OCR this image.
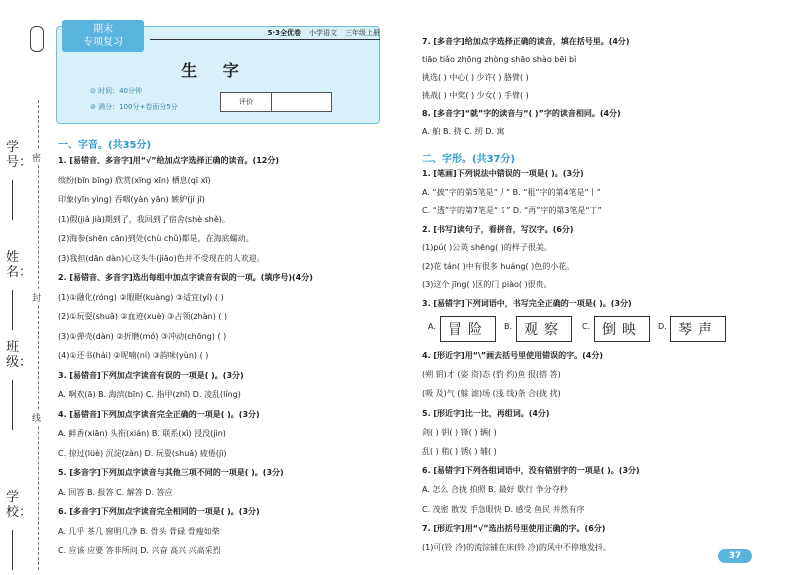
密
封
线
学号：
姓名：
班级：
学校：
期末
专项复习
5·3全优卷 小学语文 三年级上册
生 字
⊙ 时间：40分钟
⊘ 满分：100分+卷面分5分
评价
一、字音。(共35分)
1. [易错音、多音字]用“√”给加点字选择正确的读音。(12分)
缤纷(bīn bīng) 欣赏(xīng xīn) 栖息(qī xī)
印象(yīn yìng) 吞咽(yàn yān) 嫉妒(jí jǐ)
(1)假(jiǎ jià)期到了，我回到了宿舍(shè shě)。
(2)海参(shēn cān)到处(chù chǔ)都是，在海底蠕动。
(3)我担(dān dàn)心这头牛(jiāo)色并不受现在的人欢迎。
2. [易错音、多音字]选出每组中加点字读音有误的一项。(填序号)(4分)
(1)①融化(róng) ②眼眶(kuàng) ③适宜(yí) ( )
(2)①玩耍(shuǎ) ②血迹(xuè) ③占领(zhàn) ( )
(3)①弹壳(dàn) ②折磨(mó) ③冲动(chōng) ( )
(4)①还书(hái) ②呢喃(ní) ③韵味(yùn) ( )
3. [易错音]下列加点字读音有误的一项是( )。(3分)
A. 啊欢(ā) B. 海滨(bīn) C. 指甲(zhī) D. 凌乱(líng)
4. [易错音]下列加点字读音完全正确的一项是( )。(3分)
A. 鲜香(xiān) 头衔(xián) B. 联系(xì) 浸没(jìn)
C. 掠过(lüè) 沉淀(zàn) D. 玩耍(shuǎ) 疲倦(jì)
5. [多音字]下列加点字读音与其他三项不同的一项是( )。(3分)
A. 回答 B. 报答 C. 解答 D. 答应
6. [多音字]下列加点字读音完全相同的一项是( )。(3分)
A. 几乎 茶几 窗明几净 B. 骨头 骨碌 骨瘦如柴
C. 应该 应要 答非所问 D. 兴奋 高兴 兴高采烈
7. [多音字]给加点字选择正确的读音，填在括号里。(4分)
tiāo tiǎo zhōng zhòng shāo shào bēi bì
挑选( ) 中心( ) 少许( ) 胳臂( )
挑战( ) 中奖( ) 少女( ) 手臂( )
8. [多音字]“就”字的读音与“( )”字的读音相同。(4分)
A. 舶 B. 挠 C. 纫 D. 寓
二、字形。(共37分)
1. [笔画]下列说法中错误的一项是( )。(3分)
A. “披”字的第5笔是“丿” B. “租”字的第4笔是“丨”
C. “透”字的第7笔是“㇌” D. “再”字的第3笔是“丁”
2. [书写]读句子，看拼音，写汉字。(6分)
(1)pú( )公英 shēng( )的样子很美。
(2)花 tán( )中有很多 huáng( )色的小花。
(3)这个 jīng( )区的门 piào( )很贵。
3. [易错字]下列词语中，书写完全正确的一项是( )。(3分)
A. 冒险	B. 观察	C. 倒映	D. 琴声
4. [形近字]用“\”画去括号里使用错误的字。(4分)
(朔 钥)才 (姿 资)态 (豹 约)鱼 报(搭 答)
(吸 及)气 (躲 滤)场 (浅 线)条 合(拢 扰)
5. [形近字]比一比，再组词。(4分)
剑( ) 钥( ) 锋( ) 辆( )
乱( ) 稍( ) 锈( ) 辅( )
6. [易错字]下列各组词语中，没有错别字的一项是( )。(3分)
A. 怎么 合拢 拍照 B. 最好 歇行 争分夺秒
C. 茂密 散发 手急眼快 D. 感受 鱼民 井然有序
7. [形近字]用“√”选出括号里使用正确的字。(6分)
(1)可(铃 冷)的流淙铺在床(铃 冷)的风中不停地发抖。
37
